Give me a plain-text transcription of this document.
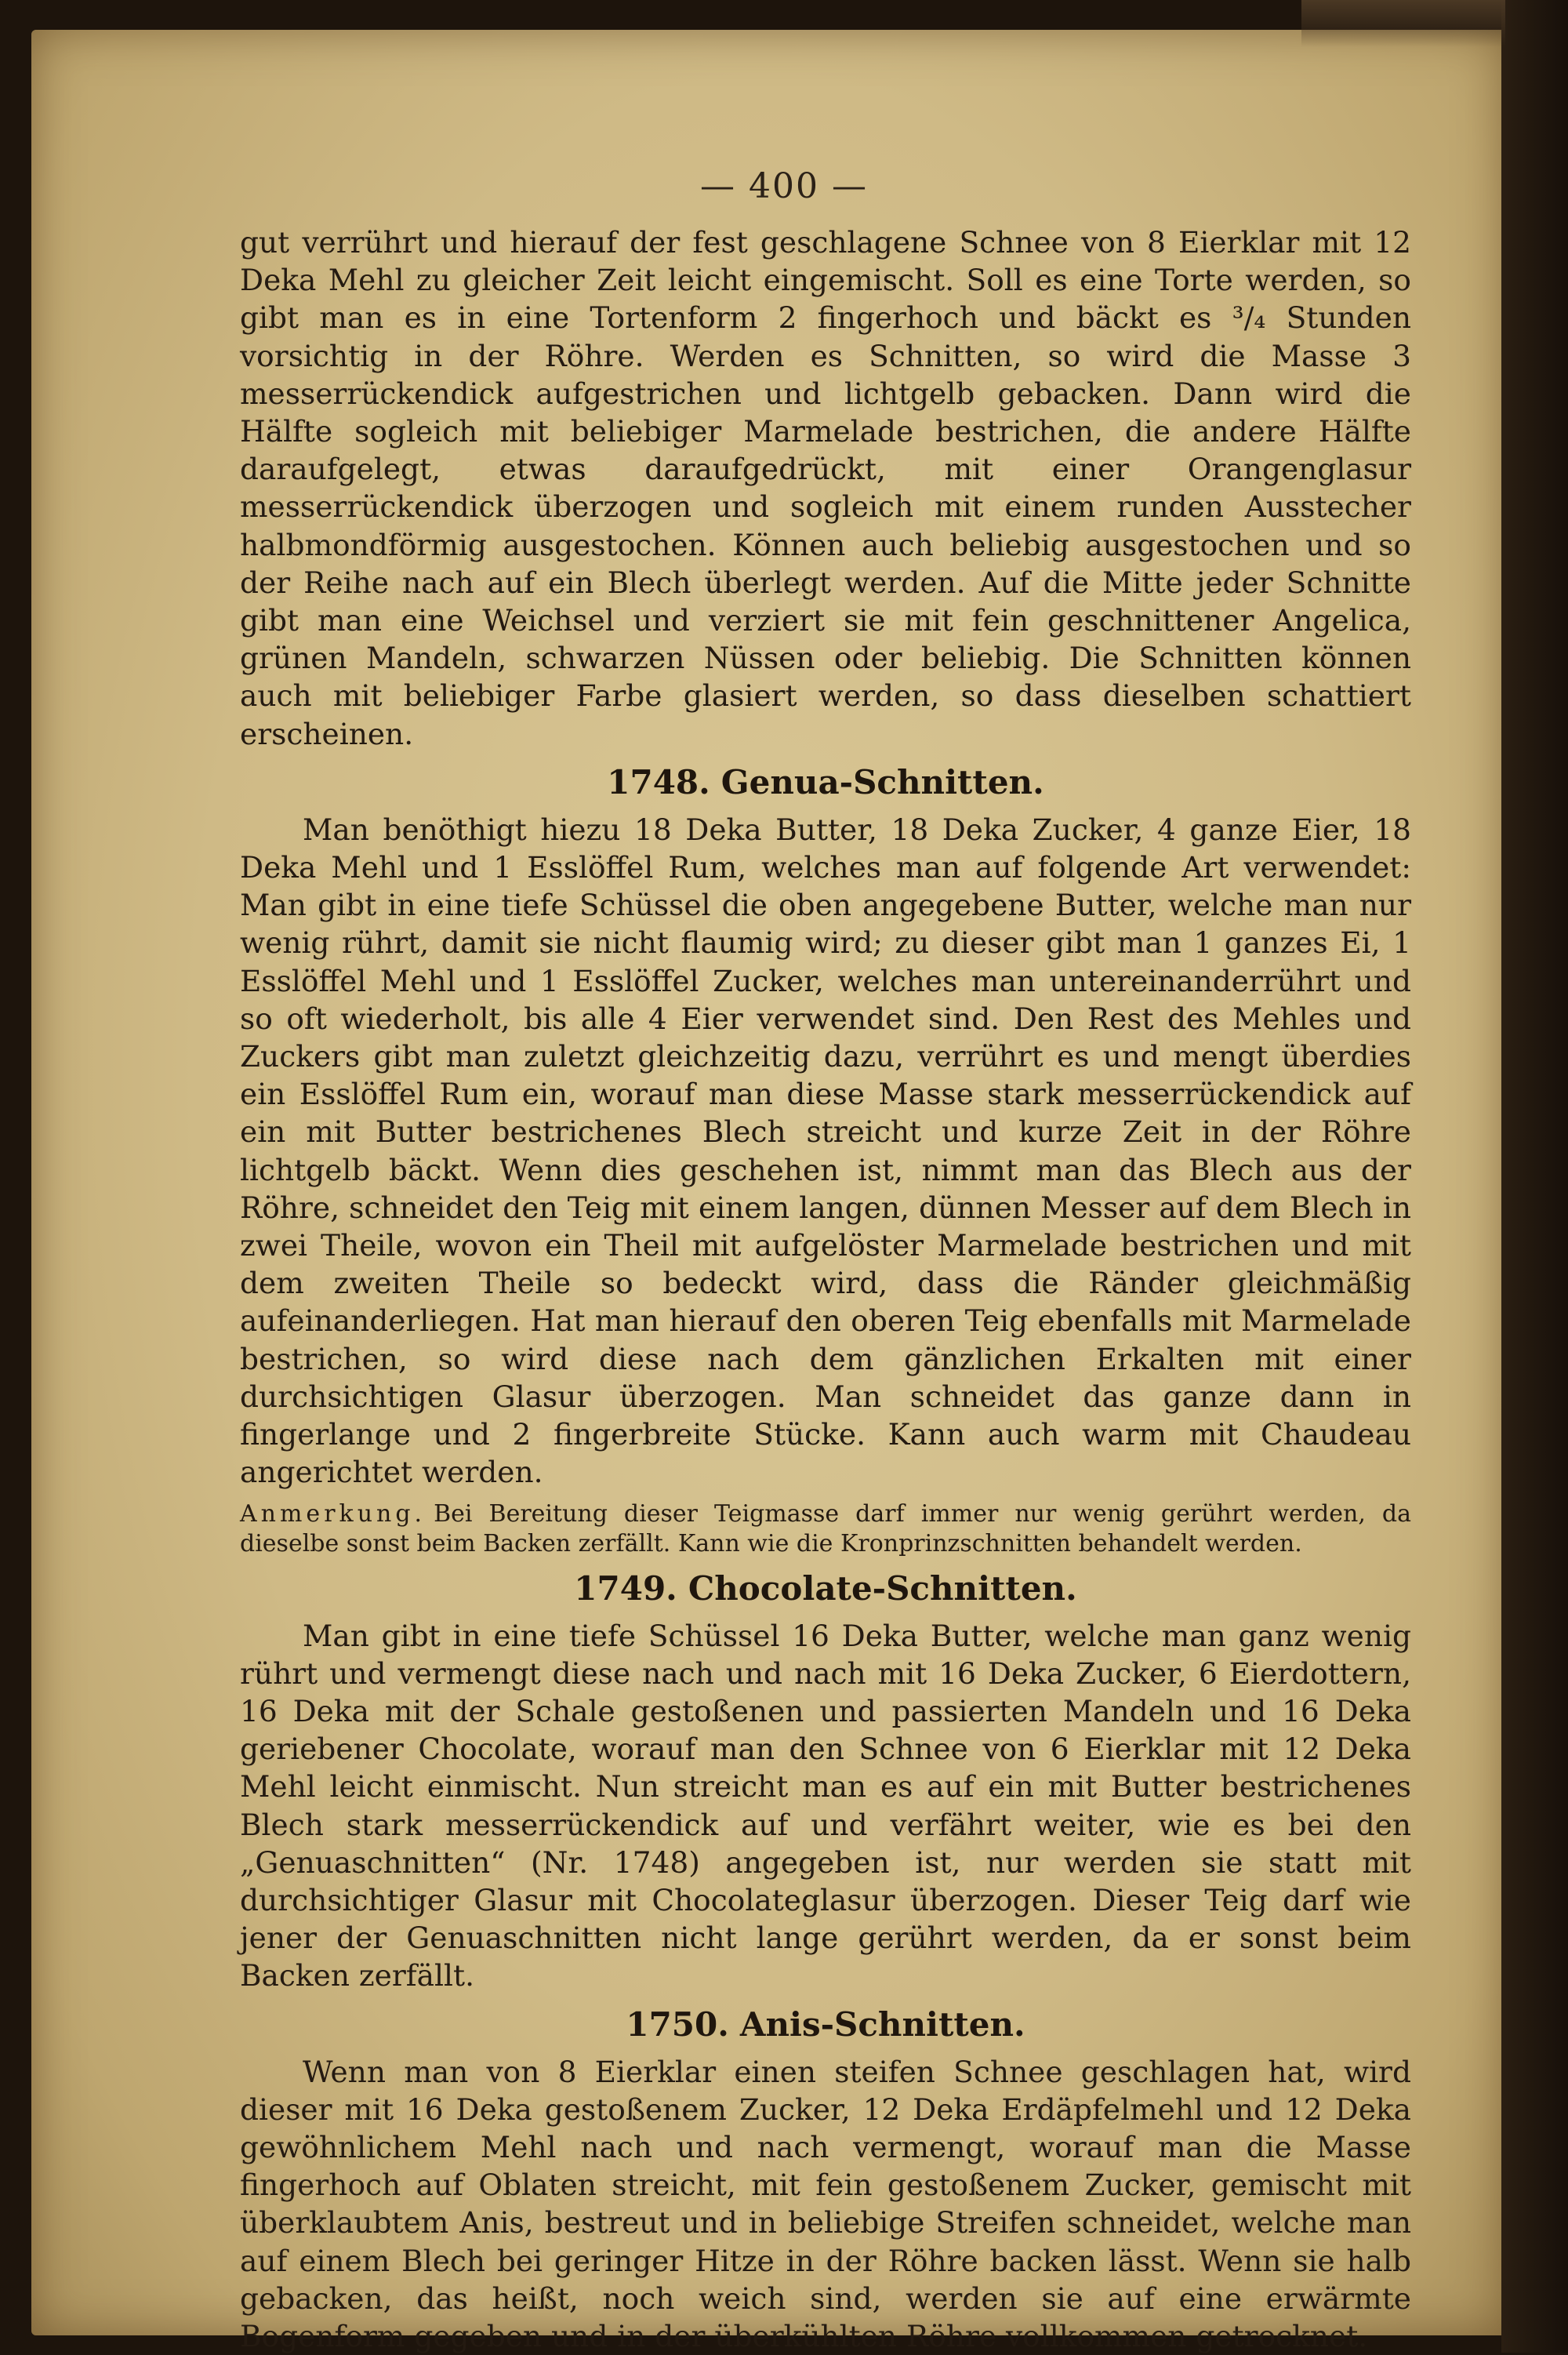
— 400 —

gut verrührt und hierauf der fest geschlagene Schnee von 8 Eierklar mit 12 Deka Mehl zu gleicher Zeit leicht eingemischt. Soll es eine Torte werden, so gibt man es in eine Tortenform 2 fingerhoch und bäckt es ³/₄ Stunden vorsichtig in der Röhre. Werden es Schnitten, so wird die Masse 3 messerrückendick aufgestrichen und lichtgelb gebacken. Dann wird die Hälfte sogleich mit beliebiger Marmelade bestrichen, die andere Hälfte daraufgelegt, etwas daraufgedrückt, mit einer Orangenglasur messerrückendick überzogen und sogleich mit einem runden Ausstecher halbmondförmig ausgestochen. Können auch beliebig ausgestochen und so der Reihe nach auf ein Blech überlegt werden. Auf die Mitte jeder Schnitte gibt man eine Weichsel und verziert sie mit fein geschnittener Angelica, grünen Mandeln, schwarzen Nüssen oder beliebig. Die Schnitten können auch mit beliebiger Farbe glasiert werden, so dass dieselben schattiert erscheinen.

1748. Genua-Schnitten.

Man benöthigt hiezu 18 Deka Butter, 18 Deka Zucker, 4 ganze Eier, 18 Deka Mehl und 1 Esslöffel Rum, welches man auf folgende Art verwendet: Man gibt in eine tiefe Schüssel die oben angegebene Butter, welche man nur wenig rührt, damit sie nicht flaumig wird; zu dieser gibt man 1 ganzes Ei, 1 Esslöffel Mehl und 1 Esslöffel Zucker, welches man untereinanderrührt und so oft wiederholt, bis alle 4 Eier verwendet sind. Den Rest des Mehles und Zuckers gibt man zuletzt gleichzeitig dazu, verrührt es und mengt überdies ein Esslöffel Rum ein, worauf man diese Masse stark messerrückendick auf ein mit Butter bestrichenes Blech streicht und kurze Zeit in der Röhre lichtgelb bäckt. Wenn dies geschehen ist, nimmt man das Blech aus der Röhre, schneidet den Teig mit einem langen, dünnen Messer auf dem Blech in zwei Theile, wovon ein Theil mit aufgelöster Marmelade bestrichen und mit dem zweiten Theile so bedeckt wird, dass die Ränder gleichmäßig aufeinanderliegen. Hat man hierauf den oberen Teig ebenfalls mit Marmelade bestrichen, so wird diese nach dem gänzlichen Erkalten mit einer durchsichtigen Glasur überzogen. Man schneidet das ganze dann in fingerlange und 2 fingerbreite Stücke. Kann auch warm mit Chaudeau angerichtet werden.

Anmerkung. Bei Bereitung dieser Teigmasse darf immer nur wenig gerührt werden, da dieselbe sonst beim Backen zerfällt. Kann wie die Kronprinzschnitten behandelt werden.

1749. Chocolate-Schnitten.

Man gibt in eine tiefe Schüssel 16 Deka Butter, welche man ganz wenig rührt und vermengt diese nach und nach mit 16 Deka Zucker, 6 Eierdottern, 16 Deka mit der Schale gestoßenen und passierten Mandeln und 16 Deka geriebener Chocolate, worauf man den Schnee von 6 Eierklar mit 12 Deka Mehl leicht einmischt. Nun streicht man es auf ein mit Butter bestrichenes Blech stark messerrückendick auf und verfährt weiter, wie es bei den „Genuaschnitten“ (Nr. 1748) angegeben ist, nur werden sie statt mit durchsichtiger Glasur mit Chocolateglasur überzogen. Dieser Teig darf wie jener der Genuaschnitten nicht lange gerührt werden, da er sonst beim Backen zerfällt.

1750. Anis-Schnitten.

Wenn man von 8 Eierklar einen steifen Schnee geschlagen hat, wird dieser mit 16 Deka gestoßenem Zucker, 12 Deka Erdäpfelmehl und 12 Deka gewöhnlichem Mehl nach und nach vermengt, worauf man die Masse fingerhoch auf Oblaten streicht, mit fein gestoßenem Zucker, gemischt mit überklaubtem Anis, bestreut und in beliebige Streifen schneidet, welche man auf einem Blech bei geringer Hitze in der Röhre backen lässt. Wenn sie halb gebacken, das heißt, noch weich sind, werden sie auf eine erwärmte Bogenform gegeben und in der überkühlten Röhre vollkommen getrocknet.
